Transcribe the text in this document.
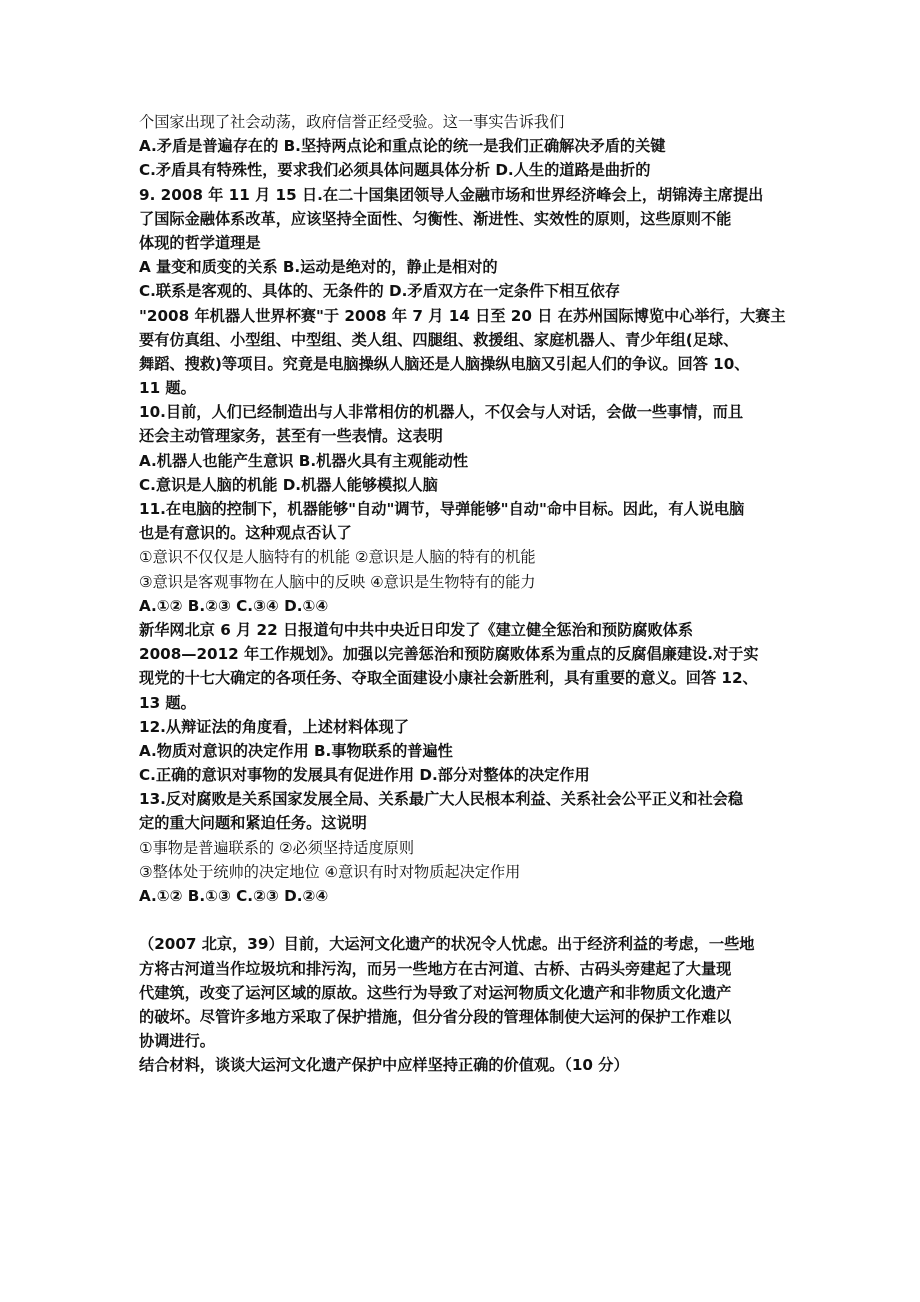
个国家出现了社会动荡，政府信誉正经受验。这一事实告诉我们
A.矛盾是普遍存在的 B.坚持两点论和重点论的统一是我们正确解决矛盾的关键
C.矛盾具有特殊性，要求我们必须具体问题具体分析 D.人生的道路是曲折的
9. 2008 年 11 月 15 日.在二十国集团领导人金融市场和世界经济峰会上，胡锦涛主席提出
了国际金融体系改革，应该坚持全面性、匀衡性、渐进性、实效性的原则，这些原则不能
体现的哲学道理是
A 量变和质变的关系 B.运动是绝对的，静止是相对的
C.联系是客观的、具体的、无条件的 D.矛盾双方在一定条件下相互依存
"2008 年机器人世界杯赛"于 2008 年 7 月 14 日至 20 日 在苏州国际博览中心举行，大赛主
要有仿真组、小型组、中型组、类人组、四腿组、救援组、家庭机器人、青少年组(足球、
舞蹈、搜救)等项目。究竟是电脑操纵人脑还是人脑操纵电脑又引起人们的争议。回答 10、
11 题。
10.目前，人们已经制造出与人非常相仿的机器人，不仅会与人对话，会做一些事情，而且
还会主动管理家务，甚至有一些表情。这表明
A.机器人也能产生意识 B.机器火具有主观能动性
C.意识是人脑的机能 D.机器人能够模拟人脑
11.在电脑的控制下，机器能够"自动"调节，导弹能够"自动"命中目标。因此，有人说电脑
也是有意识的。这种观点否认了
①意识不仅仅是人脑特有的机能 ②意识是人脑的特有的机能
③意识是客观事物在人脑中的反映 ④意识是生物特有的能力
A.①② B.②③ C.③④ D.①④
新华网北京 6 月 22 日报道句中共中央近日印发了《建立健全惩治和预防腐败体系
2008—2012 年工作规划》。加强以完善惩治和预防腐败体系为重点的反腐倡廉建设.对于实
现党的十七大确定的各项任务、夺取全面建设小康社会新胜利，具有重要的意义。回答 12、
13 题。
12.从辩证法的角度看，上述材料体现了
A.物质对意识的决定作用 B.事物联系的普遍性
C.正确的意识对事物的发展具有促进作用 D.部分对整体的决定作用
13.反对腐败是关系国家发展全局、关系最广大人民根本利益、关系社会公平正义和社会稳
定的重大问题和紧迫任务。这说明
①事物是普遍联系的 ②必须坚持适度原则
③整体处于统帅的决定地位 ④意识有时对物质起决定作用
A.①② B.①③ C.②③ D.②④
（2007 北京，39）目前，大运河文化遗产的状况令人忧虑。出于经济利益的考虑，一些地
方将古河道当作垃圾坑和排污沟，而另一些地方在古河道、古桥、古码头旁建起了大量现
代建筑，改变了运河区域的原故。这些行为导致了对运河物质文化遗产和非物质文化遗产
的破坏。尽管许多地方采取了保护措施，但分省分段的管理体制使大运河的保护工作难以
协调进行。
结合材料，谈谈大运河文化遗产保护中应样坚持正确的价值观。（10 分）
